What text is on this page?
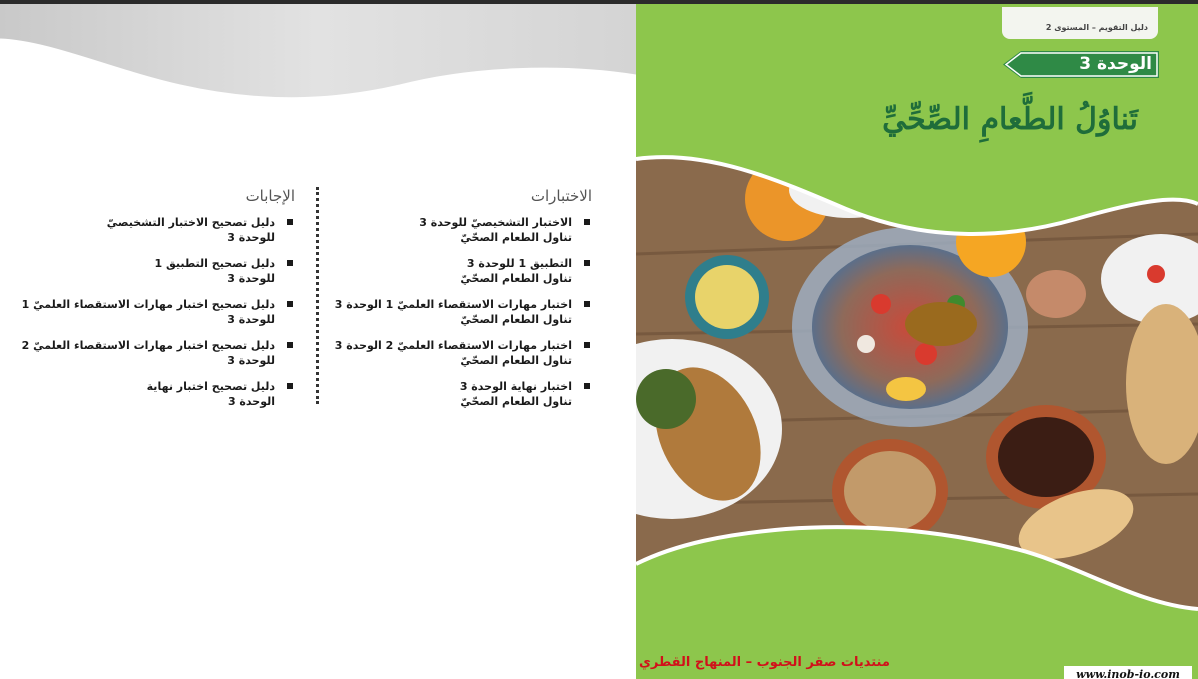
الاختبارات
الاختبار التشخيصيّ للوحدة 3
تناول الطعام الصحّيّ
التطبيق 1 للوحدة 3
تناول الطعام الصحّيّ
اختبار مهارات الاستقصاء العلميّ 1 الوحدة 3
تناول الطعام الصحّيّ
اختبار مهارات الاستقصاء العلميّ 2 الوحدة 3
تناول الطعام الصحّيّ
اختبار نهاية الوحدة 3
تناول الطعام الصحّيّ
الإجابات
دليل تصحيح الاختبار التشخيصيّ
للوحدة 3
دليل تصحيح التطبيق 1
للوحدة 3
دليل تصحيح اختبار مهارات الاستقصاء العلميّ 1
للوحدة 3
دليل تصحيح اختبار مهارات الاستقصاء العلميّ 2
للوحدة 3
دليل تصحيح اختبار نهاية
الوحدة 3
دليل التقويم – المستوى 2
الوحدة 3
تَناوُلُ الطَّعامِ الصِّحِّيِّ
منتديات صقر الجنوب – المنهاج القطري
www.inob-io.com
